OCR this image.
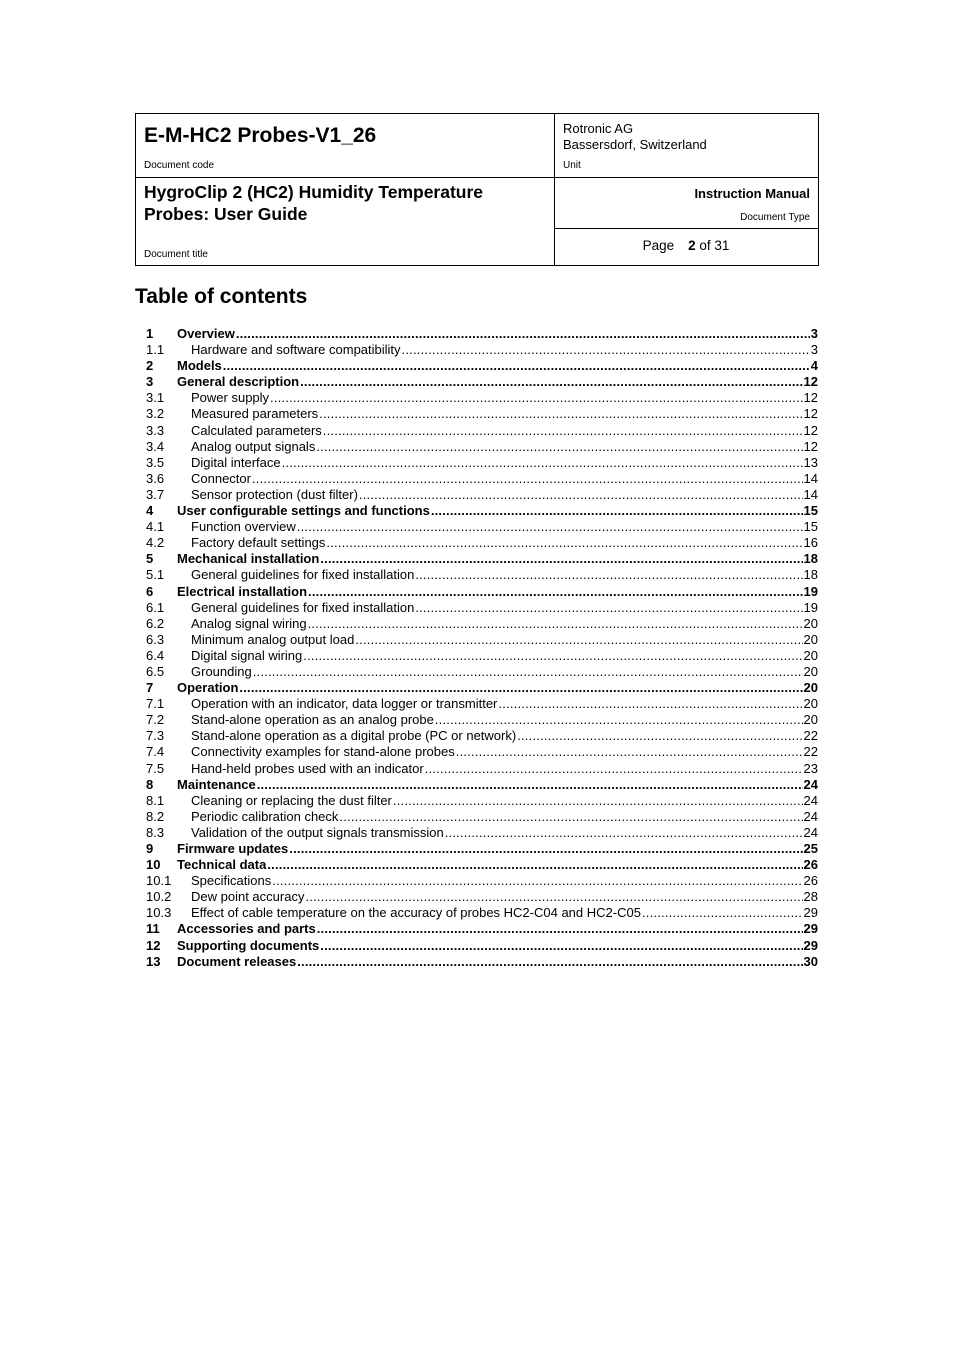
E-M-HC2 Probes-V1_26
Document code
Rotronic AG
Bassersdorf, Switzerland
Unit
HygroClip 2 (HC2) Humidity Temperature
Probes: User Guide
Document title
Instruction Manual
Document Type
Page 2 of 31
Table of contents
1	Overview .....	3
1.1	Hardware and software compatibility .....	3
2	Models .....	4
3	General description .....	12
3.1	Power supply .....	12
3.2	Measured parameters .....	12
3.3	Calculated parameters .....	12
3.4	Analog output signals .....	12
3.5	Digital interface .....	13
3.6	Connector .....	14
3.7	Sensor protection (dust filter) .....	14
4	User configurable settings and functions .....	15
4.1	Function overview .....	15
4.2	Factory default settings .....	16
5	Mechanical installation .....	18
5.1	General guidelines for fixed installation .....	18
6	Electrical installation .....	19
6.1	General guidelines for fixed installation .....	19
6.2	Analog signal wiring .....	20
6.3	Minimum analog output load .....	20
6.4	Digital signal wiring .....	20
6.5	Grounding .....	20
7	Operation .....	20
7.1	Operation with an indicator, data logger or transmitter .....	20
7.2	Stand-alone operation as an analog probe .....	20
7.3	Stand-alone operation as a digital probe (PC or network) .....	22
7.4	Connectivity examples for stand-alone probes .....	22
7.5	Hand-held probes used with an indicator .....	23
8	Maintenance .....	24
8.1	Cleaning or replacing the dust filter .....	24
8.2	Periodic calibration check .....	24
8.3	Validation of the output signals transmission .....	24
9	Firmware updates .....	25
10	Technical data .....	26
10.1	Specifications .....	26
10.2	Dew point accuracy .....	28
10.3	Effect of cable temperature on the accuracy of probes HC2-C04 and HC2-C05 .....	29
11	Accessories and parts .....	29
12	Supporting documents .....	29
13	Document releases .....	30
